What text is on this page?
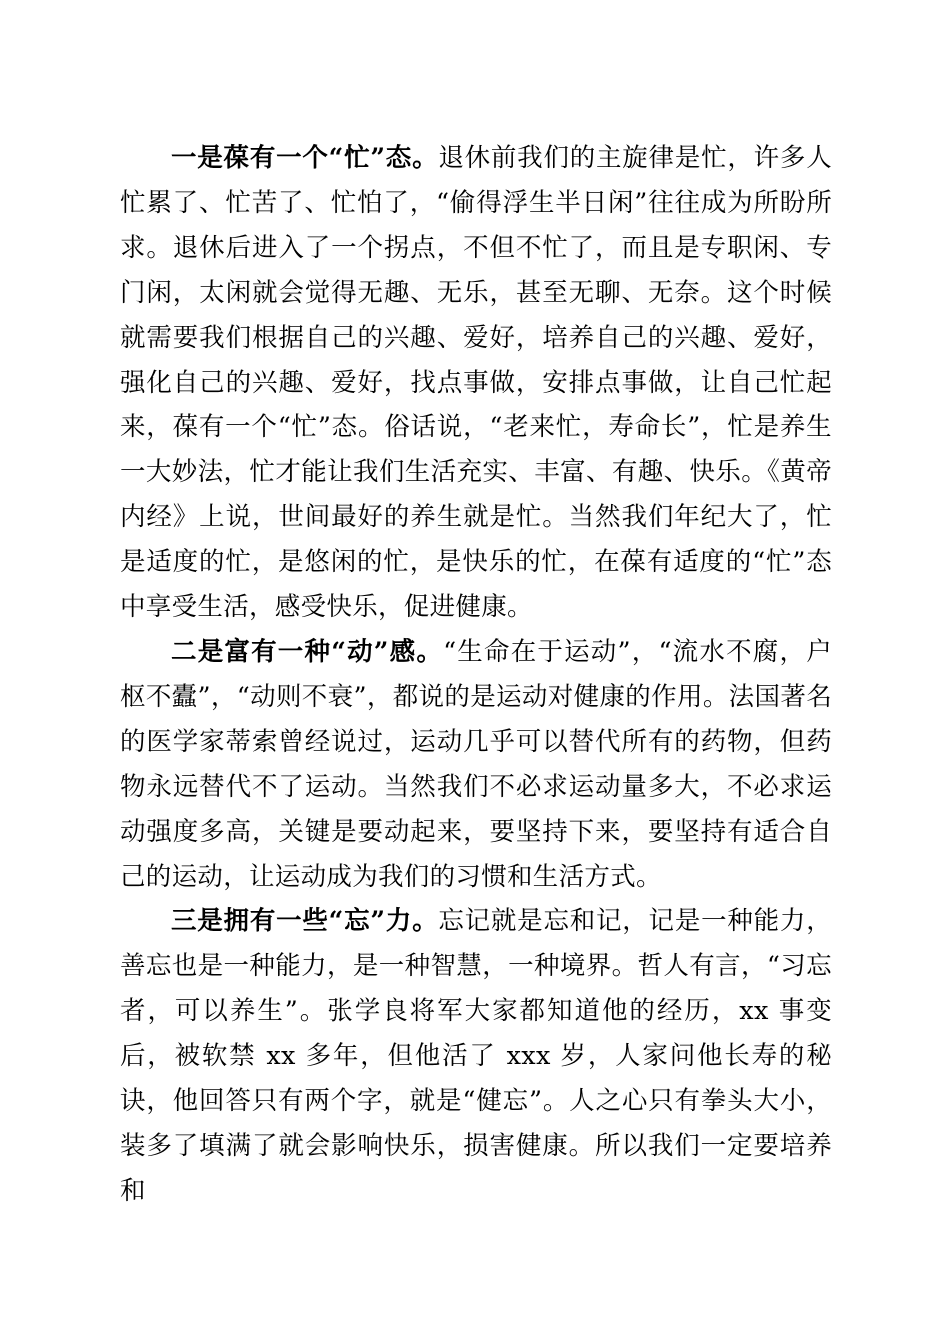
一是葆有一个“忙”态。退休前我们的主旋律是忙，许多人忙累了、忙苦了、忙怕了，“偷得浮生半日闲”往往成为所盼所求。退休后进入了一个拐点，不但不忙了，而且是专职闲、专门闲，太闲就会觉得无趣、无乐，甚至无聊、无奈。这个时候就需要我们根据自己的兴趣、爱好，培养自己的兴趣、爱好，强化自己的兴趣、爱好，找点事做，安排点事做，让自己忙起来，葆有一个“忙”态。俗话说，“老来忙，寿命长”，忙是养生一大妙法，忙才能让我们生活充实、丰富、有趣、快乐。《黄帝内经》上说，世间最好的养生就是忙。当然我们年纪大了，忙是适度的忙，是悠闲的忙，是快乐的忙，在葆有适度的“忙”态中享受生活，感受快乐，促进健康。

二是富有一种“动”感。“生命在于运动”，“流水不腐，户枢不蠹”，“动则不衰”，都说的是运动对健康的作用。法国著名的医学家蒂索曾经说过，运动几乎可以替代所有的药物，但药物永远替代不了运动。当然我们不必求运动量多大，不必求运动强度多高，关键是要动起来，要坚持下来，要坚持有适合自己的运动，让运动成为我们的习惯和生活方式。

三是拥有一些“忘”力。忘记就是忘和记，记是一种能力，善忘也是一种能力，是一种智慧，一种境界。哲人有言，“习忘者，可以养生”。张学良将军大家都知道他的经历，xx 事变后，被软禁 xx 多年，但他活了 xxx 岁，人家问他长寿的秘诀，他回答只有两个字，就是“健忘”。人之心只有拳头大小，装多了填满了就会影响快乐，损害健康。所以我们一定要培养和
